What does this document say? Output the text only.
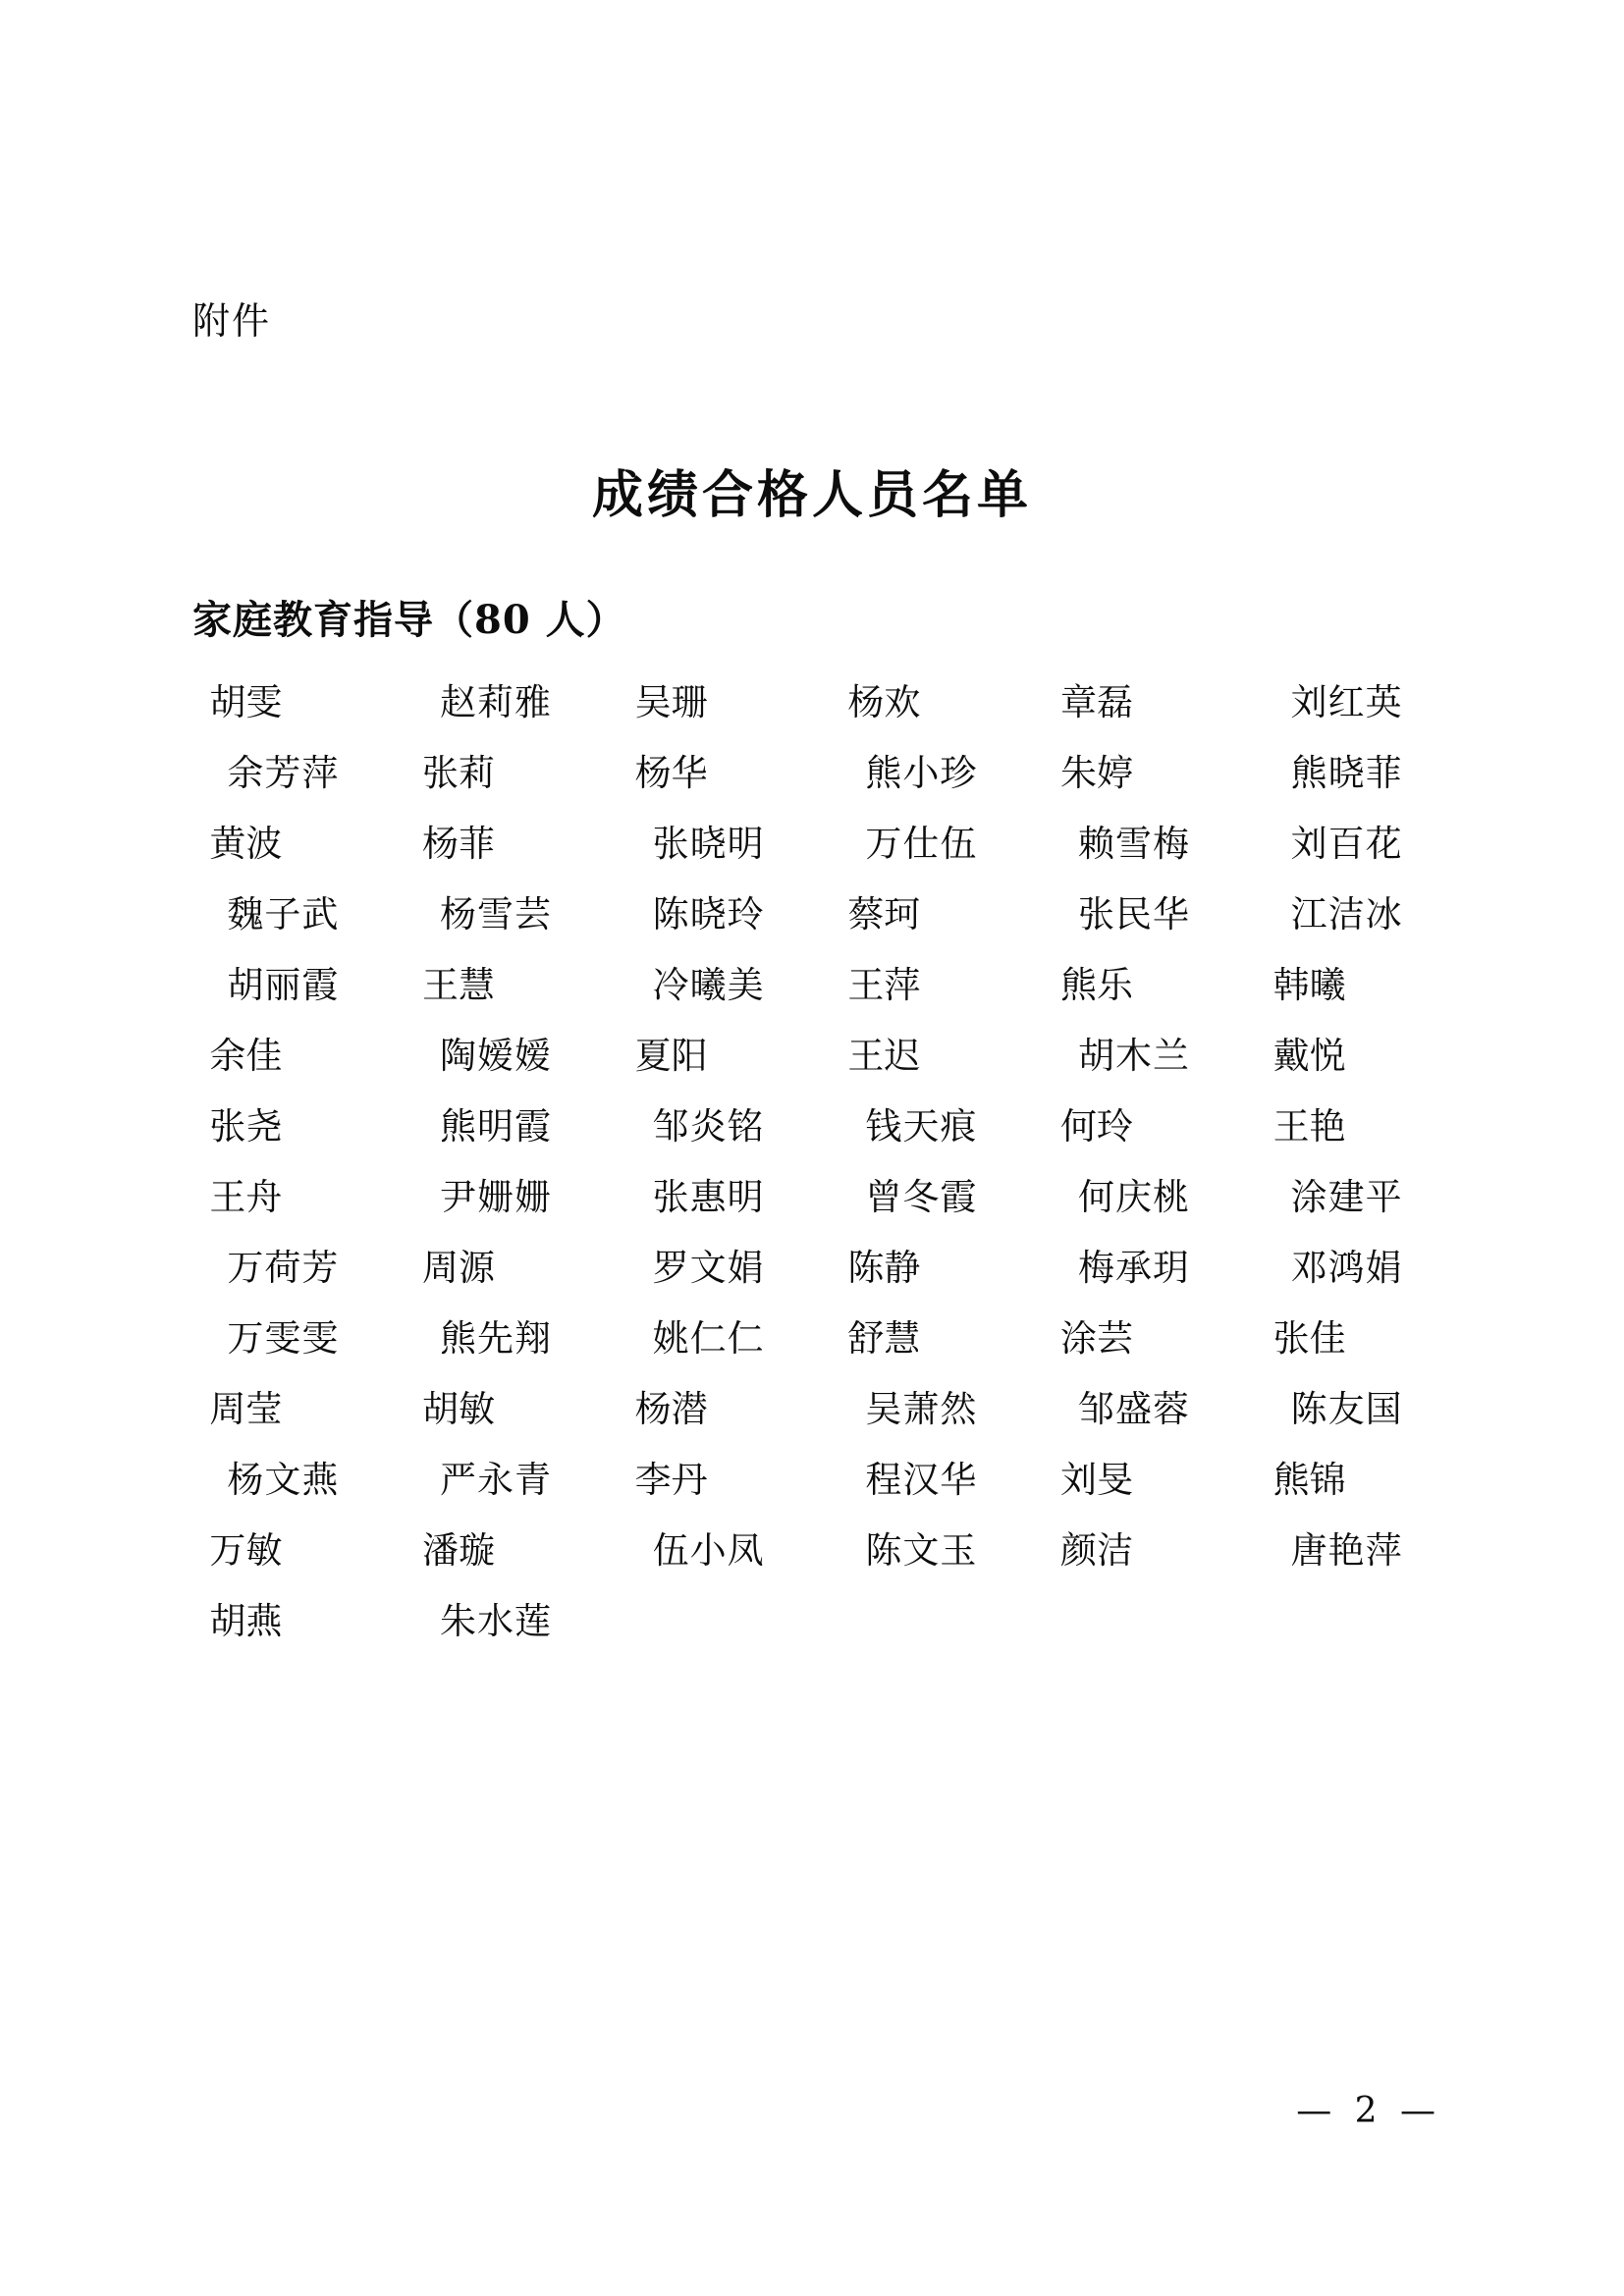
附件
成绩合格人员名单
家庭教育指导（80 人）
胡雯	赵莉雅	吴珊	杨欢	章磊	刘红英
余芳萍	张莉	杨华	熊小珍	朱婷	熊晓菲
黄波	杨菲	张晓明	万仕伍	赖雪梅	刘百花
魏子武	杨雪芸	陈晓玲	蔡珂	张民华	江洁冰
胡丽霞	王慧	冷曦美	王萍	熊乐	韩曦
余佳	陶嫒嫒	夏阳	王迟	胡木兰	戴悦
张尧	熊明霞	邹炎铭	钱天痕	何玲	王艳
王舟	尹姗姗	张惠明	曾冬霞	何庆桃	涂建平
万荷芳	周源	罗文娟	陈静	梅承玥	邓鸿娟
万雯雯	熊先翔	姚仁仁	舒慧	涂芸	张佳
周莹	胡敏	杨潜	吴萧然	邹盛蓉	陈友国
杨文燕	严永青	李丹	程汉华	刘旻	熊锦
万敏	潘璇	伍小凤	陈文玉	颜洁	唐艳萍
胡燕	朱水莲
— 2 —
